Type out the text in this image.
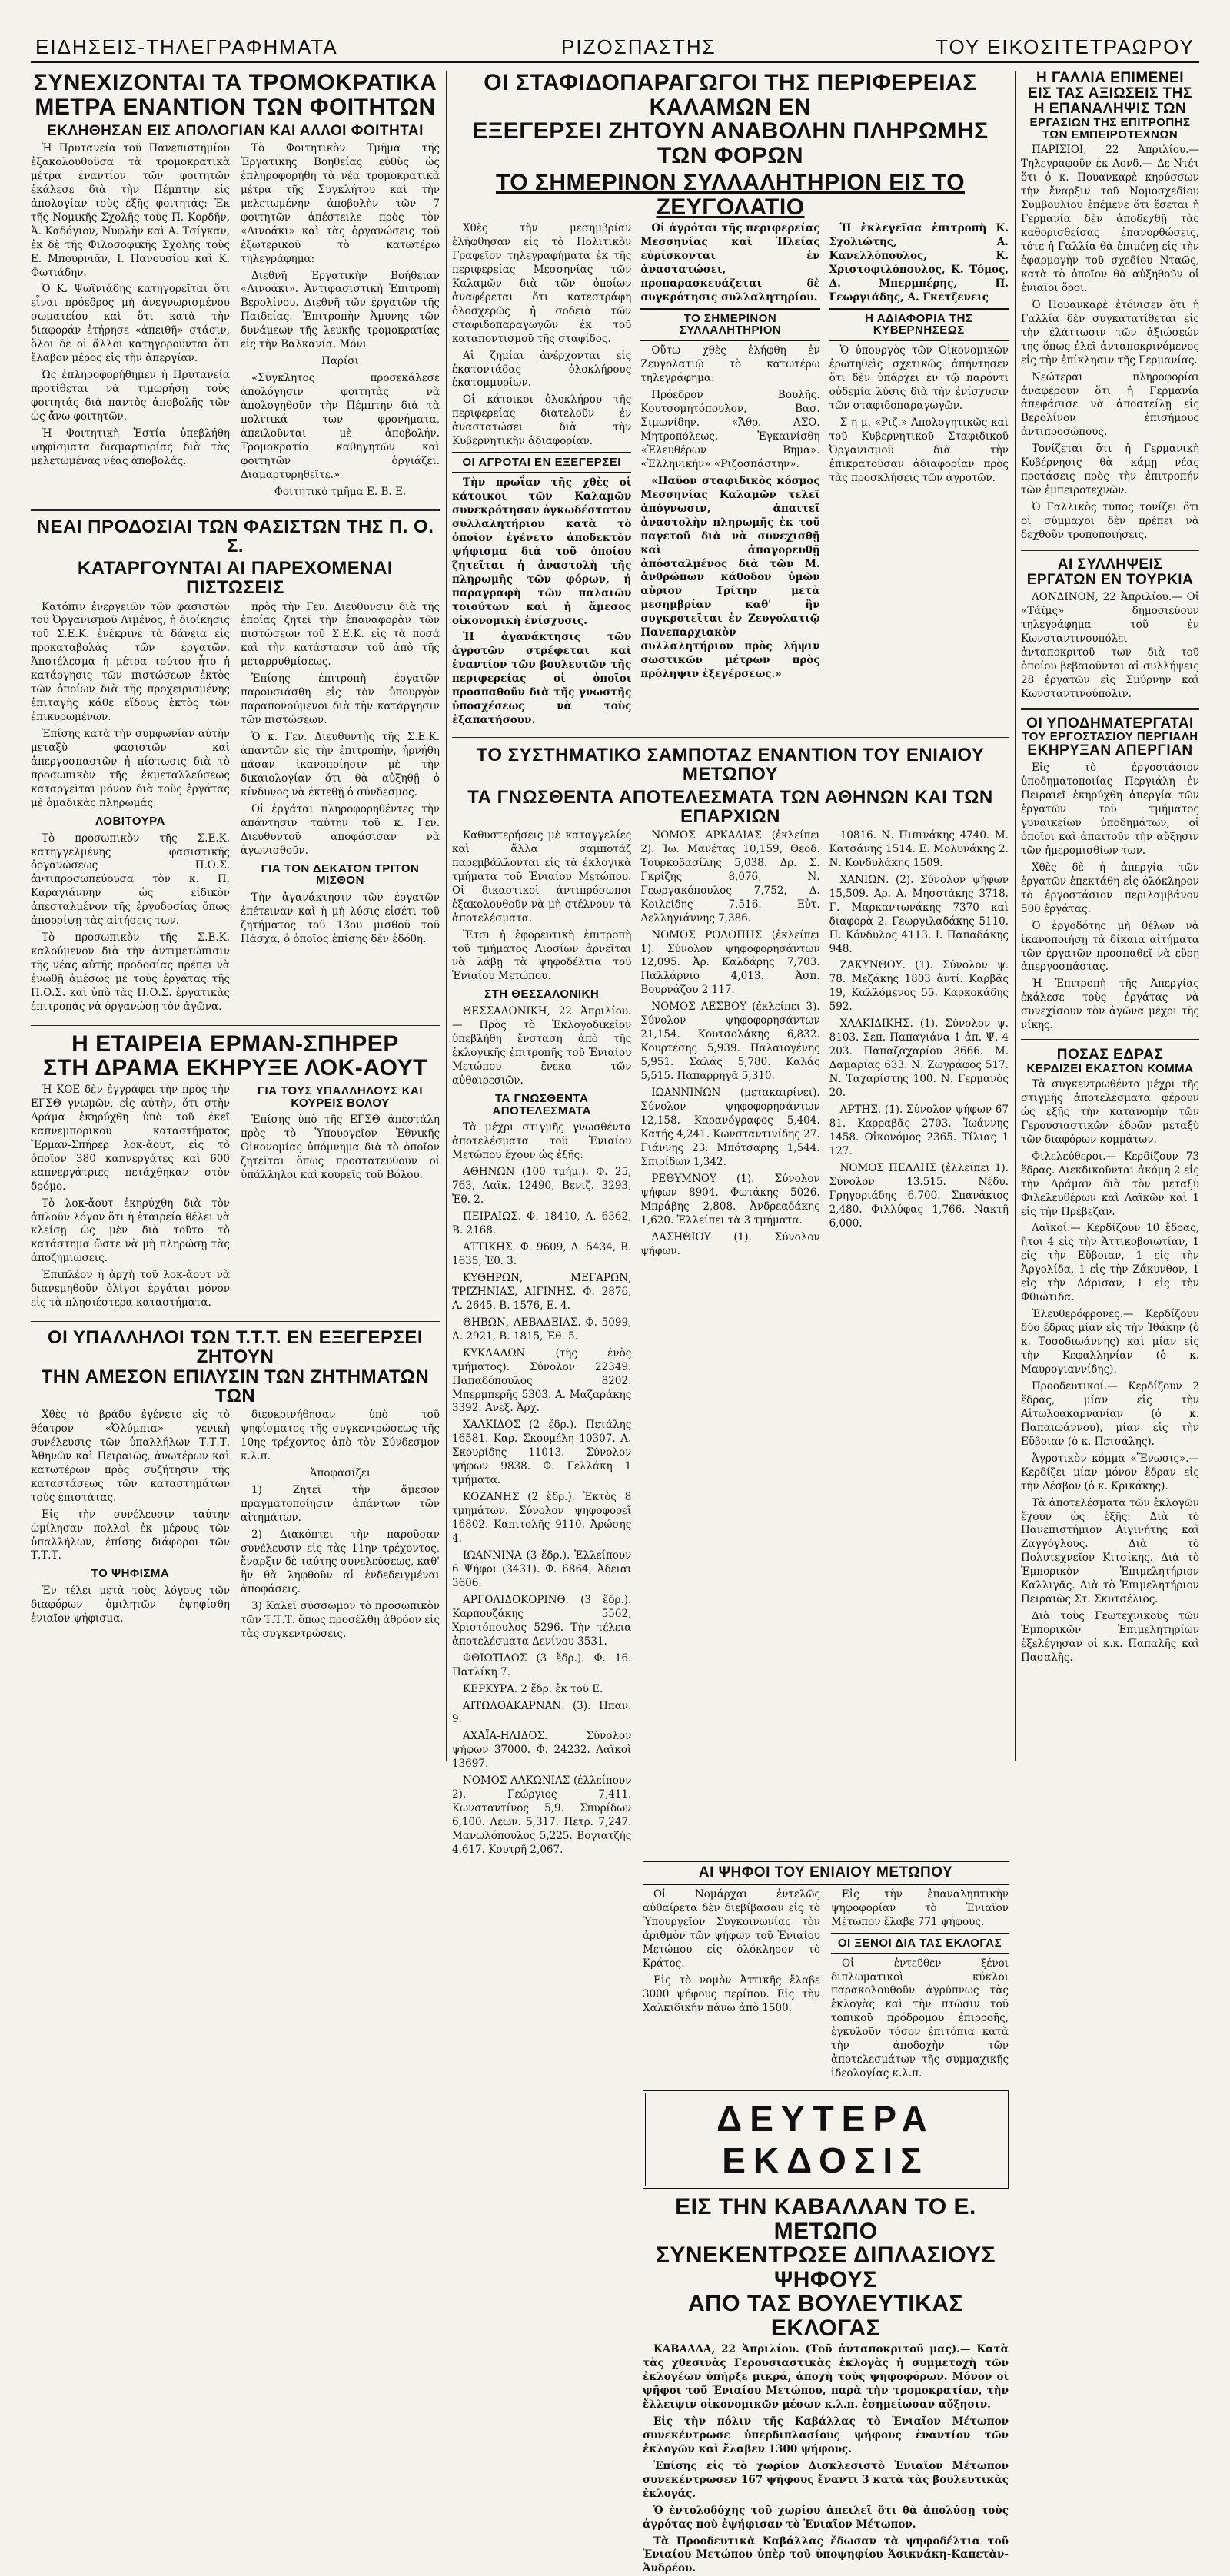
ΕΙΔΗΣΕΙΣ-ΤΗΛΕΓΡΑΦΗΜΑΤΑ	ΡΙΖΟΣΠΑΣΤΗΣ	ΤΟΥ ΕΙΚΟΣΙΤΕΤΡΑΩΡΟΥ

ΣΥΝΕΧΙΖΟΝΤΑΙ ΤΑ ΤΡΟΜΟΚΡΑΤΙΚΑ

ΜΕΤΡΑ ΕΝΑΝΤΙΟΝ ΤΩΝ ΦΟΙΤΗΤΩΝ

ΕΚΛΗΘΗΣΑΝ ΕΙΣ ΑΠΟΛΟΓΙΑΝ ΚΑΙ ΑΛΛΟΙ ΦΟΙΤΗΤΑΙ

Ἡ Πρυτανεία τοῦ Πανεπιστημίου ἐξακολουθοῦσα τὰ τρομοκρατικὰ μέτρα ἐναντίον τῶν φοιτητῶν ἐκάλεσε διὰ τὴν Πέμπτην εἰς ἀπολογίαν τοὺς ἑξῆς φοιτητάς: Ἐκ τῆς Νομικῆς Σχολῆς τοὺς Π. Κορδῆν, Ἀ. Καδόγιον, Νυφλὴν καὶ Α. Τσίγκαν, ἐκ δὲ τῆς Φιλοσοφικῆς Σχολῆς τοὺς Ε. Μπουρνιᾶν, Ι. Πανουσίου καὶ Κ. Φωτιάδην.

Ὁ Κ. Ψωϊνιάδης κατηγορεῖται ὅτι εἶναι πρόεδρος μὴ ἀνεγνωρισμένου σωματείου καὶ ὅτι κατὰ τὴν διαφοράν ἐτήρησε «ἀπειθῆ» στάσιν, ὅλοι δὲ οἱ ἄλλοι κατηγοροῦνται ὅτι ἔλαβον μέρος εἰς τὴν ἀπεργίαν.

Ὡς ἐπληροφορήθημεν ἡ Πρυτανεία προτίθεται νὰ τιμωρήσῃ τοὺς φοιτητάς διὰ παντὸς ἀποβολῆς τῶν ὡς ἄνω φοιτητῶν.

Ἡ Φοιτητικὴ Ἐστία ὑπεβλήθη ψηφίσματα διαμαρτυρίας διὰ τὰς μελετωμένας νέας ἀποβολάς.

Τὸ Φοιτητικὸν Τμῆμα τῆς Ἐργατικῆς Βοηθείας εὐθὺς ὡς ἐπληροφορήθη τὰ νέα τρομοκρατικὰ μέτρα τῆς Συγκλήτου καὶ τὴν μελετωμένην ἀποβολὴν τῶν 7 φοιτητῶν ἀπέστειλε πρὸς τὸν «Λινοάκι» καὶ τὰς ὀργανώσεις τοῦ ἐξωτερικοῦ τὸ κατωτέρω τηλεγράφημα:

Διεθνῆ Ἐργατικὴν Βοήθειαν «Λινοάκι». Ἀντιφασιστικὴ Ἐπιτροπὴ Βερολίνου. Διεθνῆ τῶν ἐργατῶν τῆς Παιδείας. Ἐπιτροπὴν Ἀμυνης τῶν δυνάμεων τῆς λευκῆς τρομοκρατίας εἰς τὴν Βαλκανία. Μόνι

Παρίσι

«Σύγκλητος προσεκάλεσε ἀπολόγησιν φοιτητὰς νὰ ἀπολογηθοῦν τὴν Πέμπτην διὰ τὰ πολιτικά των φρονήματα, ἀπειλοῦνται μὲ ἀποβολήν. Τρομοκρατία καθηγητῶν καὶ φοιτητῶν ὀργιάζει. Διαμαρτυρηθεῖτε.»

Φοιτητικὸ τμῆμα Ε. Β. Ε.

ΝΕΑΙ ΠΡΟΔΟΣΙΑΙ ΤΩΝ ΦΑΣΙΣΤΩΝ ΤΗΣ Π. Ο. Σ.

ΚΑΤΑΡΓΟΥΝΤΑΙ ΑΙ ΠΑΡΕΧΟΜΕΝΑΙ ΠΙΣΤΩΣΕΙΣ

Κατόπιν ἐνεργειῶν τῶν φασιστῶν τοῦ Ὀργανισμοῦ Λιμένος, ἡ διοίκησις τοῦ Σ.Ε.Κ. ἐνέκρινε τὰ δάνεια εἰς προκαταβολὰς τῶν ἐργατῶν. Ἀποτέλεσμα ἡ μέτρα τούτου ἦτο ἡ κατάργησις τῶν πιστώσεων ἐκτὸς τῶν ὁποίων διὰ τῆς προχειρισμένης ἐπιταγῆς κάθε εἴδους ἐκτὸς τῶν ἐπικυρωμένων.

Ἐπίσης κατὰ τὴν συμφωνίαν αὐτὴν μεταξὺ φασιστῶν καὶ ἀπεργοσπαστῶν ἡ πίστωσις διὰ τὸ προσωπικὸν τῆς ἐκμεταλλεύσεως καταργεῖται μόνον διὰ τοὺς ἐργάτας μὲ ὁμαδικὰς πληρωμάς.

ΛΟΒΙΤΟΥΡΑ

Τὸ προσωπικὸν τῆς Σ.Ε.Κ. κατηγγελμένης φασιστικῆς ὀργανώσεως Π.Ο.Σ. ἀντιπροσωπεύουσα τὸν κ. Π. Καραγιάννην ὡς εἰδικὸν ἀπεσταλμένον τῆς ἐργοδοσίας ὅπως ἀπορρίψῃ τὰς αἰτήσεις των.

Τὸ προσωπικὸν τῆς Σ.Ε.Κ. καλούμενον διὰ τὴν ἀντιμετώπισιν τῆς νέας αὐτῆς προδοσίας πρέπει νὰ ἐνωθῇ ἀμέσως μὲ τοὺς ἐργάτας τῆς Π.Ο.Σ. καὶ ὑπὸ τὰς Π.Ο.Σ. ἐργατικὰς ἐπιτροπὰς νὰ ὀργανώσῃ τὸν ἀγῶνα.

πρὸς τὴν Γεν. Διεύθυνσιν διὰ τῆς ἐποίας ζητεῖ τὴν ἐπαναφορὰν τῶν πιστώσεων τοῦ Σ.Ε.Κ. εἰς τὰ ποσά καὶ τὴν κατάστασιν τοῦ ἀπὸ τῆς μεταρρυθμίσεως.

Ἐπίσης ἐπιτροπὴ ἐργατῶν παρουσιάσθη εἰς τὸν ὑπουργὸν παραπονούμενοι διὰ τὴν κατάργησιν τῶν πιστώσεων.

Ὁ κ. Γεν. Διευθυντὴς τῆς Σ.Ε.Κ. ἀπαντῶν εἰς τὴν ἐπιτροπὴν, ἠρνήθη πάσαν ἱκανοποίησιν μὲ τὴν δικαιολογίαν ὅτι θὰ αὐξηθῇ ὁ κίνδυνος νὰ ἐκτεθῇ ὁ σύνδεσμος.

Οἱ ἐργάται πληροφορηθέντες τὴν ἀπάντησιν ταύτην τοῦ κ. Γεν. Διευθυντοῦ ἀποφάσισαν νὰ ἀγωνισθοῦν.

ΓΙΑ ΤΟΝ ΔΕΚΑΤΟΝ ΤΡΙΤΟΝ ΜΙΣΘΟΝ

Τὴν ἀγανάκτησιν τῶν ἐργατῶν ἐπέτειναν καὶ ἡ μὴ λύσις εἰσέτι τοῦ ζητήματος τοῦ 13ου μισθοῦ τοῦ Πάσχα, ὁ ὁποῖος ἐπίσης δὲν ἐδόθη.

Η ΕΤΑΙΡΕΙΑ ΕΡΜΑΝ-ΣΠΗΡΕΡ

ΣΤΗ ΔΡΑΜΑ ΕΚΗΡΥΞΕ ΛΟΚ-ΑΟΥΤ

Ἡ ΚΟΕ δὲν ἐγγράφει τὴν πρὸς τὴν ΕΓΣΘ γνωμῶν, εἰς αὐτὴν, ὅτι στὴν Δράμα ἐκηρύχθη ὑπὸ τοῦ ἐκεῖ καπνεμπορικοῦ καταστήματος Ἕρμαν-Σπήρερ λοκ-ἄουτ, εἰς τὸ ὁποῖον 380 καπνεργάτες καὶ 600 καπνεργάτριες πετάχθηκαν στὸν δρόμο.

Τὸ λοκ-ἄουτ ἐκηρύχθη διὰ τὸν ἀπλοῦν λόγον ὅτι ἡ ἐταιρεία θέλει νὰ κλείσῃ ὡς μὲν διὰ τοῦτο τὸ κατάστημα ὥστε νὰ μὴ πληρώσῃ τὰς ἀποζημιώσεις.

Ἐπιπλέον ἡ ἀρχὴ τοῦ λοκ-ἄουτ νὰ διανεμηθοῦν ὀλίγοι ἐργάται μόνον εἰς τὰ πλησιέστερα καταστήματα.

ΓΙΑ ΤΟΥΣ ΥΠΑΛΛΗΛΟΥΣ ΚΑΙ ΚΟΥΡΕΙΣ ΒΟΛΟΥ

Ἐπίσης ὑπὸ τῆς ΕΓΣΘ ἀπεστάλη πρὸς τὸ Ὑπουργεῖον Ἐθνικῆς Οἰκονομίας ὑπόμνημα διὰ τὸ ὁποῖον ζητεῖται ὅπως προστατευθοῦν οἱ ὑπάλληλοι καὶ κουρεῖς τοῦ Βόλου.

ΟΙ ΥΠΑΛΛΗΛΟΙ ΤΩΝ Τ.Τ.Τ. ΕΝ ΕΞΕΓΕΡΣΕΙ ΖΗΤΟΥΝ

ΤΗΝ ΑΜΕΣΟΝ ΕΠΙΛΥΣΙΝ ΤΩΝ ΖΗΤΗΜΑΤΩΝ ΤΩΝ

Χθὲς τὸ βράδυ ἐγένετο εἰς τὸ θέατρον «Ὀλύμπια» γενικὴ συνέλευσις τῶν ὑπαλλήλων Τ.Τ.Τ. Ἀθηνῶν καὶ Πειραιῶς, ἀνωτέρων καὶ κατωτέρων πρὸς συζήτησιν τῆς καταστάσεως τῶν καταστημάτων τοὺς ἐπιστάτας.

Εἰς τὴν συνέλευσιν ταύτην ὡμίλησαν πολλοὶ ἐκ μέρους τῶν ὑπαλλήλων, ἐπίσης διάφοροι τῶν Τ.Τ.Τ.

ΤΟ ΨΗΦΙΣΜΑ

Ἐν τέλει μετὰ τοὺς λόγους τῶν διαφόρων ὁμιλητῶν ἐψηφίσθη ἑνιαῖον ψήφισμα.

διευκρινήθησαν ὑπὸ τοῦ ψηφίσματος τῆς συγκεντρώσεως τῆς 10ης τρέχοντος ἀπὸ τὸν Σύνδεσμον κ.λ.π.

Ἀποφασίζει

1) Ζητεῖ τὴν ἄμεσον πραγματοποίησιν ἁπάντων τῶν αἰτημάτων.

2) Διακόπτει τὴν παροῦσαν συνέλευσιν εἰς τὰς 11ην τρέχοντος, ἔναρξιν δὲ ταύτης συνελεύσεως, καθ' ἣν θὰ ληφθοῦν αἱ ἐνδεδειγμέναι ἀποφάσεις.

3) Καλεῖ σύσσωμον τὸ προσωπικὸν τῶν Τ.Τ.Τ. ὅπως προσέλθῃ ἀθρόον εἰς τὰς συγκεντρώσεις.

ΟΙ ΣΤΑΦΙΔΟΠΑΡΑΓΩΓΟΙ ΤΗΣ ΠΕΡΙΦΕΡΕΙΑΣ ΚΑΛΑΜΩΝ ΕΝ

ΕΞΕΓΕΡΣΕΙ ΖΗΤΟΥΝ ΑΝΑΒΟΛΗΝ ΠΛΗΡΩΜΗΣ ΤΩΝ ΦΟΡΩΝ

ΤΟ ΣΗΜΕΡΙΝΟΝ ΣΥΛΛΑΛΗΤΗΡΙΟΝ ΕΙΣ ΤΟ ΖΕΥΓΟΛΑΤΙΟ

Χθὲς τὴν μεσημβρίαν ἐλήφθησαν εἰς τὸ Πολιτικὸν Γραφεῖον τηλεγραφήματα ἐκ τῆς περιφερείας Μεσσηνίας τῶν Καλαμῶν διὰ τῶν ὁποίων ἀναφέρεται ὅτι κατεστράφη ὁλοσχερῶς ἡ σοδειὰ τῶν σταφιδοπαραγωγῶν ἐκ τοῦ καταποντισμοῦ τῆς σταφίδος.

Αἱ ζημίαι ἀνέρχονται εἰς ἑκατοντάδας ὁλοκλήρους ἑκατομμυρίων.

Οἱ κάτοικοι ὁλοκλήρου τῆς περιφερείας διατελοῦν ἐν ἀναστατώσει διὰ τὴν Κυβερνητικὴν ἀδιαφορίαν.

ΟΙ ΑΓΡΟΤΑΙ ΕΝ ΕΞΕΓΕΡΣΕΙ

Τὴν πρωΐαν τῆς χθὲς οἱ κάτοικοι τῶν Καλαμῶν συνεκρότησαν ὁγκωδέστατον συλλαλητήριον κατὰ τὸ ὁποῖον ἐγένετο ἀποδεκτὸν ψήφισμα διὰ τοῦ ὁποίου ζητεῖται ἡ ἀναστολὴ τῆς πληρωμῆς τῶν φόρων, ἡ παραγραφὴ τῶν παλαιῶν τοιούτων καὶ ἡ ἄμεσος οἰκονομικὴ ἐνίσχυσις.

Ἡ ἀγανάκτησις τῶν ἀγροτῶν στρέφεται καὶ ἐναντίον τῶν βουλευτῶν τῆς περιφερείας οἱ ὁποῖοι προσπαθοῦν διὰ τῆς γνωστῆς ὑποσχέσεως νὰ τοὺς ἐξαπατήσουν.

Οἱ ἀγρόται τῆς περιφερείας Μεσσηνίας καὶ Ἠλείας εὑρίσκονται ἐν ἀναστατώσει, προπαρασκευάζεται δὲ συγκρότησις συλλαλητηρίου.

ΤΟ ΣΗΜΕΡΙΝΟΝ ΣΥΛΛΑΛΗΤΗΡΙΟΝ

Οὕτω χθὲς ἐλήφθη ἐν Ζευγολατιῷ τὸ κατωτέρω τηλεγράφημα:

Πρόεδρον Βουλῆς. Κουτσομητόπουλον, Βασ. Σιμωνίδην. «Ἄθρ. ΑΣΟ. Μητροπόλεως. Ἐγκαινίσθη «Ἐλευθέρων Βημα». «Ἑλληνικήν» «Ριζοσπάστην».

«Παῦον σταφιδικὸς κόσμος Μεσσηνίας Καλαμῶν τελεῖ ἀπόγνωσιν, ἀπαιτεῖ ἀναστολὴν πληρωμῆς ἐκ τοῦ παγετοῦ διὰ νὰ συνεχισθῇ καὶ ἀπαγορευθῇ ἀπόσταλμένος διὰ τῶν Μ. ἀνθρώπων κάθοδον ὑμῶν αὔριον Τρίτην μετὰ μεσημβρίαν καθ' ἣν συγκροτεῖται ἐν Ζευγολατιῷ Πανεπαρχιακὸν συλλαλητήριον πρὸς λῆψιν σωστικῶν μέτρων πρὸς πρόληψιν ἐξεγέρσεως.»

Ἡ ἐκλεγεῖσα ἐπιτροπὴ Κ. Σχολιώτης, Α. Κανελλόπουλος, Κ. Χριστοφιλόπουλος, Κ. Τόμος, Δ. Μπερμπέρης, Π. Γεωργιάδης, Α. Γκετζενεις

Η ΑΔΙΑΦΟΡΙΑ ΤΗΣ ΚΥΒΕΡΝΗΣΕΩΣ

Ὁ ὑπουργὸς τῶν Οἰκονομικῶν ἐρωτηθεὶς σχετικῶς ἀπήντησεν ὅτι δὲν ὑπάρχει ἐν τῷ παρόντι οὐδεμία λύσις διὰ τὴν ἐνίσχυσιν τῶν σταφιδοπαραγωγῶν.

Σ η μ. «Ριζ.» Ἀπολογητικῶς καὶ τοῦ Κυβερνητικοῦ Σταφιδικοῦ Ὀργανισμοῦ διὰ τὴν ἐπικρατοῦσαν ἀδιαφορίαν πρὸς τὰς προσκλήσεις τῶν ἀγροτῶν.

ΤΟ ΣΥΣΤΗΜΑΤΙΚΟ ΣΑΜΠΟΤΑΖ ΕΝΑΝΤΙΟΝ ΤΟΥ ΕΝΙΑΙΟΥ ΜΕΤΩΠΟΥ

ΤΑ ΓΝΩΣΘΕΝΤΑ ΑΠΟΤΕΛΕΣΜΑΤΑ ΤΩΝ ΑΘΗΝΩΝ ΚΑΙ ΤΩΝ ΕΠΑΡΧΙΩΝ

Καθυστερήσεις μὲ καταγγελίες καὶ ἄλλα σαμποτάζ παρεμβάλλονται εἰς τὰ ἐκλογικὰ τμήματα τοῦ Ἑνιαίου Μετώπου. Οἱ δικαστικοὶ ἀντιπρόσωποι ἐξακολουθοῦν νὰ μὴ στέλνουν τὰ ἀποτελέσματα.

Ἔτσι ἡ ἐφορευτικὴ ἐπιτροπὴ τοῦ τμήματος Λιοσίων ἀρνεῖται νὰ λάβῃ τὰ ψηφοδέλτια τοῦ Ἑνιαίου Μετώπου.

ΣΤΗ ΘΕΣΣΑΛΟΝΙΚΗ

ΘΕΣΣΑΛΟΝΙΚΗ, 22 Ἀπριλίου.— Πρὸς τὸ Ἐκλογοδικεῖον ὑπεβλήθη ἔνσταση ἀπὸ τῆς ἐκλογικῆς ἐπιτροπῆς τοῦ Ἑνιαίου Μετώπου ἕνεκα τῶν αὐθαιρεσιῶν.

ΤΑ ΓΝΩΣΘΕΝΤΑ ΑΠΟΤΕΛΕΣΜΑΤΑ

Τὰ μέχρι στιγμῆς γνωσθέντα ἀποτελέσματα τοῦ Ἑνιαίου Μετώπου ἔχουν ὡς ἑξῆς:

ΑΘΗΝΩΝ (100 τμήμ.). Φ. 25, 763, Λαϊκ. 12490, Βενιζ. 3293, Ἐθ. 2.

ΠΕΙΡΑΙΩΣ. Φ. 18410, Λ. 6362, Β. 2168.

ΑΤΤΙΚΗΣ. Φ. 9609, Λ. 5434, Β. 1635, Ἐθ. 3.

ΚΥΘΗΡΩΝ, ΜΕΓΑΡΩΝ, ΤΡΙΖΗΝΙΑΣ, ΑΙΓΙΝΗΣ. Φ. 2876, Λ. 2645, Β. 1576, Ε. 4.

ΘΗΒΩΝ, ΛΕΒΑΔΕΙΑΣ. Φ. 5099, Λ. 2921, Β. 1815, Ἐθ. 5.

ΚΥΚΛΑΔΩΝ (τῆς ἐνὸς τμήματος). Σύνολον 22349. Παπαδόπουλος 8202. Μπερμπερῆς 5303. Α. Μαζαράκης 3392. Ἀνεξ. Ἀρχ.

ΧΑΛΚΙΔΟΣ (2 ἕδρ.). Πετάλης 16581. Καρ. Σκουμέλη 10307. Α. Σκουρίδης 11013. Σύνολον ψήφων 9838. Φ. Γελλάκη 1 τμήματα.

ΚΟΖΑΝΗΣ (2 ἕδρ.). Ἐκτὸς 8 τμημάτων. Σύνολον ψηφοφορεῖ 16802. Καπιτολῆς 9110. Ἀρώσης 4.

ΙΩΑΝΝΙΝΑ (3 ἕδρ.). Ἐλλείπουν 6 Ψήφοι (3431). Φ. 6864, Ἀδειαι 3606.

ΑΡΓΟΛΙΔΟΚΟΡΙΝΘ. (3 ἕδρ.). Καρπουζάκης 5562, Χριστόπουλος 5296. Τὴν τέλεια ἀποτελέσματα Δενίνου 3531.

ΦΘΙΩΤΙΔΟΣ (3 ἕδρ.). Φ. 16. Πατλίκη 7.

ΚΕΡΚΥΡΑ. 2 ἕδρ. ἐκ τοῦ Ε.

ΑΙΤΩΛΟΑΚΑΡΝΑΝ. (3). Ππαν. 9.

ΑΧΑΪΑ-ΗΛΙΔΟΣ. Σύνολον ψήφων 37000. Φ. 24232. Λαϊκοὶ 13697.

ΝΟΜΟΣ ΛΑΚΩΝΙΑΣ (ἐλλείπουν 2). Γεώργιος 7,411. Κωνσταντίνος 5,9. Σπυρίδων 6,100. Λεων. 5,317. Πετρ. 7,247. Μανωλόπουλος 5,225. Βογιατζής 4,617. Κουτρῆ 2,067.

ΝΟΜΟΣ ΑΡΚΑΔΙΑΣ (ἐκλείπει 2). Ἰω. Μανέτας 10,159, Θεοδ. Τουρκοβασίλης 5,038. Δρ. Σ. Γκρίζης 8,076, Ν. Γεωργακόπουλος 7,752, Δ. Κοιλείδης 7,516. Εὐτ. Δελληγιάννης 7,386.

ΝΟΜΟΣ ΡΟΔΟΠΗΣ (ἐκλείπει 1). Σύνολον ψηφοφορησάντων 12,095. Ἀρ. Καλδάρης 7,703. Παλλάρνιο 4,013. Ἀσπ. Βουρνάζου 2,117.

ΝΟΜΟΣ ΛΕΣΒΟΥ (ἐκλείπει 3). Σύνολον ψηφοφορησάντων 21,154. Κουτσολάκης 6,832. Κουρτέσης 5,939. Παλαιογένης 5,951. Σαλάς 5,780. Καλάς 5,515. Παπαρρηγᾶ 5,310.

ΙΩΑΝΝΙΝΩΝ (μετακαιρίνει). Σύνολον ψηφοφορησάντων 12,158. Καρανόγραφος 5,404. Κατής 4,241. Κωνσταντινίδης 27. Γιάννης 23. Μπότσαρης 1,544. Σπιρίδων 1,342.

ΡΕΘΥΜΝΟΥ (1). Σύνολον ψήφων 8904. Φωτάκης 5026. Μπράβης 2,808. Ἀνδρεαδάκης 1,620. Ἐλλείπει τὰ 3 τμήματα.

ΛΑΣΗΘΙΟΥ (1). Σύνολον ψήφων.

10816. Ν. Πιπινάκης 4740. Μ. Κατσάνης 1514. Ε. Μολυνάκης 2. Ν. Κονδυλάκης 1509.

ΧΑΝΙΩΝ. (2). Σύνολον ψήφων 15,509. Ἀρ. Α. Μησοτάκης 3718. Γ. Μαρκαντωνάκης 7370 καὶ διαφορὰ 2. Γεωργιλαδάκης 5110. Π. Κόνδυλος 4113. Ι. Παπαδάκης 948.

ΖΑΚΥΝΘΟΥ. (1). Σύνολον ψ. 78. Μεζάκης 1803 ἀντί. Καρβᾶς 19, Καλλόμενος 55. Καρκοκάδης 592.

ΧΑΛΚΙΔΙΚΗΣ. (1). Σύνολον ψ. 8103. Σεπ. Παπαγιάνα 1 ἀπ. Ψ. 4 203. Παπαζαχαρίου 3666. Μ. Δαμαρίας 633. Ν. Ζωγράφος 517. Ν. Ταχαρίστης 100. Ν. Γερμανὸς 20.

ΑΡΤΗΣ. (1). Σύνολον ψήφων 67 81. Καρραβᾶς 2703. Ἰωάννης 1458. Οἰκονόμος 2365. Τίλιας 1 127.

ΝΟΜΟΣ ΠΕΛΛΗΣ (ἐλλείπει 1). Σύνολον 13.515. Νέδυ. Γρηγοριάδης 6.700. Σπανάκιος 2,480. Φιλλύφας 1,766. Νακτῆ 6,000.

ΑΙ ΨΗΦΟΙ ΤΟΥ ΕΝΙΑΙΟΥ ΜΕΤΩΠΟΥ

Οἱ Νομάρχαι ἐντελῶς αὐθαίρετα δὲν διεβίβασαν εἰς τὸ Ὑπουργεῖον Συγκοινωνίας τὸν ἀριθμὸν τῶν ψήφων τοῦ Ἑνιαίου Μετώπου εἰς ὁλόκληρον τὸ Κράτος.

Εἰς τὸ νομὸν Ἀττικῆς ἔλαβε 3000 ψήφους περίπου. Εἰς τὴν Χαλκιδικήν πάνω ἀπὸ 1500.

Εἰς τὴν ἐπαναληπτικὴν ψηφοφορίαν τὸ Ἑνιαῖον Μέτωπον ἔλαβε 771 ψήφους.

ΟΙ ΞΕΝΟΙ ΔΙΑ ΤΑΣ ΕΚΛΟΓΑΣ

Οἱ ἐντεῦθεν ξένοι διπλωματικοὶ κύκλοι παρακολουθοῦν ἀγρύπνως τὰς ἐκλογὰς καὶ τὴν πτῶσιν τοῦ τοπικοῦ πρόδρομου ἐπιρροῆς, ἐγκυλοῦν τόσον ἐπιτόπια κατὰ τὴν ἀποδοχὴν τῶν ἀποτελεσμάτων τῆς συμμαχικῆς ἰδεολογίας κ.λ.π.

ΔΕΥΤΕΡΑ ΕΚΔΟΣΙΣ

ΕΙΣ ΤΗΝ ΚΑΒΑΛΛΑΝ ΤΟ Ε. ΜΕΤΩΠΟ

ΣΥΝΕΚΕΝΤΡΩΣΕ ΔΙΠΛΑΣΙΟΥΣ ΨΗΦΟΥΣ

ΑΠΟ ΤΑΣ ΒΟΥΛΕΥΤΙΚΑΣ ΕΚΛΟΓΑΣ

ΚΑΒΑΛΛΑ, 22 Ἀπριλίου. (Τοῦ ἀνταποκριτοῦ μας).— Κατὰ τὰς χθεσινὰς Γερουσιαστικὰς ἐκλογὰς ἡ συμμετοχὴ τῶν ἐκλογέων ὑπῆρξε μικρά, ἀποχὴ τοὺς ψηφοφόρων. Μόνον οἱ ψῆφοι τοῦ Ἑνιαίου Μετώπου, παρὰ τὴν τρομοκρατίαν, τὴν ἔλλειψιν οἰκονομικῶν μέσων κ.λ.π. ἐσημείωσαν αὔξησιν.

Εἰς τὴν πόλιν τῆς Καβάλλας τὸ Ἑνιαῖον Μέτωπον συνεκέντρωσε ὑπερδιπλασίους ψήφους ἐναντίον τῶν ἐκλογῶν καὶ ἔλαβεν 1300 ψήφους.

Ἐπίσης εἰς τὸ χωρίον Δισκλεσιστὸ Ἑνιαῖον Μέτωπον συνεκέντρωσεν 167 ψήφους ἔναντι 3 κατὰ τὰς βουλευτικὰς ἐκλογάς.

Ὁ ἐντολοδόχης τοῦ χωρίου ἀπειλεῖ ὅτι θὰ ἀπολύσῃ τοὺς ἀγρότας ποὺ ἐψήφισαν τὸ Ἑνιαῖον Μέτωπον.

Τὰ Προοδευτικὰ Καβάλλας ἔδωσαν τὰ ψηφοδέλτια τοῦ Ἑνιαίου Μετώπου ὑπὲρ τοῦ ὑποψηφίου Ἀσικνάκη-Καπετὰν-Ἀνδρέου.

Η ΓΑΛΛΙΑ ΕΠΙΜΕΝΕΙ

ΕΙΣ ΤΑΣ ΑΞΙΩΣΕΙΣ ΤΗΣ

Η ΕΠΑΝΑΛΗΨΙΣ ΤΩΝ

ΕΡΓΑΣΙΩΝ ΤΗΣ ΕΠΙΤΡΟΠΗΣ

ΤΩΝ ΕΜΠΕΙΡΟΤΕΧΝΩΝ

ΠΑΡΙΣΙΟΙ, 22 Ἀπριλίου.— Τηλεγραφοῦν ἐκ Λονδ.— Δε-Ντέτ ὅτι ὁ κ. Πουανκαρὲ κηρύσσων τὴν ἔναρξιν τοῦ Νομοσχεδίου Συμβουλίου ἐπέμενε ὅτι ἔσεται ἡ Γερμανία δὲν ἀποδεχθῇ τὰς καθορισθείσας ἐπανορθώσεις, τότε ἡ Γαλλία θὰ ἐπιμένῃ εἰς τὴν ἐφαρμογὴν τοῦ σχεδίου Νταῶς, κατὰ τὸ ὁποῖον θὰ αὐξηθοῦν οἱ ἐνιαῖοι ὅροι.

Ὁ Πουανκαρὲ ἐτόνισεν ὅτι ἡ Γαλλία δὲν συγκατατίθεται εἰς τὴν ἐλάττωσιν τῶν ἀξιώσεών της ὅπως ἐλεῖ ἀνταποκρινόμενος εἰς τὴν ἐπίκλησιν τῆς Γερμανίας.

Νεώτεραι πληροφορίαι ἀναφέρουν ὅτι ἡ Γερμανία ἀπεφάσισε νὰ ἀποστείλῃ εἰς Βερολίνον ἐπισήμους ἀντιπροσώπους.

Τονίζεται ὅτι ἡ Γερμανικὴ Κυβέρνησις θὰ κάμῃ νέας προτάσεις πρὸς τὴν ἐπιτροπήν τῶν ἐμπειροτεχνῶν.

Ὁ Γαλλικὸς τύπος τονίζει ὅτι οἱ σύμμαχοι δὲν πρέπει νὰ δεχθοῦν τροποποιήσεις.

ΑΙ ΣΥΛΛΗΨΕΙΣ

ΕΡΓΑΤΩΝ ΕΝ ΤΟΥΡΚΙΑ

ΛΟΝΔΙΝΟΝ, 22 Ἀπριλίου.— Οἱ «Τάϊμς» δημοσιεύουν τηλεγράφημα τοῦ ἐν Κωνσταντινουπόλει ἀνταποκριτοῦ των διὰ τοῦ ὁποίου βεβαιοῦνται αἱ συλλήψεις 28 ἐργατῶν εἰς Σμύρνην καὶ Κωνσταντινούπολιν.

ΟΙ ΥΠΟΔΗΜΑΤΕΡΓΑΤΑΙ

ΤΟΥ ΕΡΓΟΣΤΑΣΙΟΥ ΠΕΡΓΙΑΛΗ

ΕΚΗΡΥΞΑΝ ΑΠΕΡΓΙΑΝ

Εἰς τὸ ἐργοστάσιον ὑποδηματοποιίας Περγιάλη ἐν Πειραιεῖ ἐκηρύχθη ἀπεργία τῶν ἐργατῶν τοῦ τμήματος γυναικείων ὑποδημάτων, οἱ ὁποῖοι καὶ ἀπαιτοῦν τὴν αὔξησιν τῶν ἡμερομισθίων των.

Χθὲς δὲ ἡ ἀπεργία τῶν ἐργατῶν ἐπεκτάθη εἰς ὁλόκληρον τὸ ἐργοστάσιον περιλαμβάνον 500 ἐργάτας.

Ὁ ἐργοδότης μὴ θέλων νὰ ἱκανοποιήσῃ τὰ δίκαια αἰτήματα τῶν ἐργατῶν προσπαθεῖ νὰ εὕρῃ ἀπεργοσπάστας.

Ἡ Ἐπιτροπὴ τῆς Ἀπεργίας ἐκάλεσε τοὺς ἐργάτας νὰ συνεχίσουν τὸν ἀγῶνα μέχρι τῆς νίκης.

ΠΟΣΑΣ ΕΔΡΑΣ

ΚΕΡΔΙΖΕΙ ΕΚΑΣΤΟΝ ΚΟΜΜΑ

Τὰ συγκεντρωθέντα μέχρι τῆς στιγμῆς ἀποτελέσματα φέρουν ὡς ἑξῆς τὴν κατανομὴν τῶν Γερουσιαστικῶν ἑδρῶν μεταξὺ τῶν διαφόρων κομμάτων.

Φιλελεύθεροι.— Κερδίζουν 73 ἕδρας. Διεκδικοῦνται ἀκόμη 2 εἰς τὴν Δράμαν διὰ τὸν μεταξὺ Φιλελευθέρων καὶ Λαϊκῶν καὶ 1 εἰς τὴν Πρέβεζαν.

Λαϊκοί.— Κερδίζουν 10 ἕδρας, ἤτοι 4 εἰς τὴν Ἀττικοβοιωτίαν, 1 εἰς τὴν Εὔβοιαν, 1 εἰς τὴν Ἀργολίδα, 1 εἰς τὴν Ζάκυνθον, 1 εἰς τὴν Λάρισαν, 1 εἰς τὴν Φθιώτιδα.

Ἐλευθερόφρονες.— Κερδίζουν δύο ἕδρας μίαν εἰς τὴν Ἰθάκην (ὁ κ. Τοσοδιωάννης) καὶ μίαν εἰς τὴν Κεφαλληνίαν (ὁ κ. Μαυρογιαννίδης).

Προοδευτικοί.— Κερδίζουν 2 ἕδρας, μίαν εἰς τὴν Αἰτωλοακαρνανίαν (ὁ κ. Παπαιωάννου), μίαν εἰς τὴν Εὔβοιαν (ὁ κ. Πετσάλης).

Ἀγροτικὸν κόμμα «Ἕνωσις».— Κερδίζει μίαν μόνον ἕδραν εἰς τὴν Λέσβον (ὁ κ. Κρικάκης).

Τὰ ἀποτελέσματα τῶν ἐκλογῶν ἔχουν ὡς ἑξῆς: Διὰ τὸ Πανεπιστήμιον Αἰγινήτης καὶ Ζαγγόγλους. Διὰ τὸ Πολυτεχνεῖον Κιτσίκης. Διὰ τὸ Ἐμπορικὸν Ἐπιμελητήριον Καλλιγᾶς. Διὰ τὸ Ἐπιμελητήριον Πειραιῶς Στ. Σκυτσέλιος.

Διὰ τοὺς Γεωτεχνικοὺς τῶν Ἐμπορικῶν Ἐπιμελητηρίων ἐξελέγησαν οἱ κ.κ. Παπαλῆς καὶ Πασαλῆς.
